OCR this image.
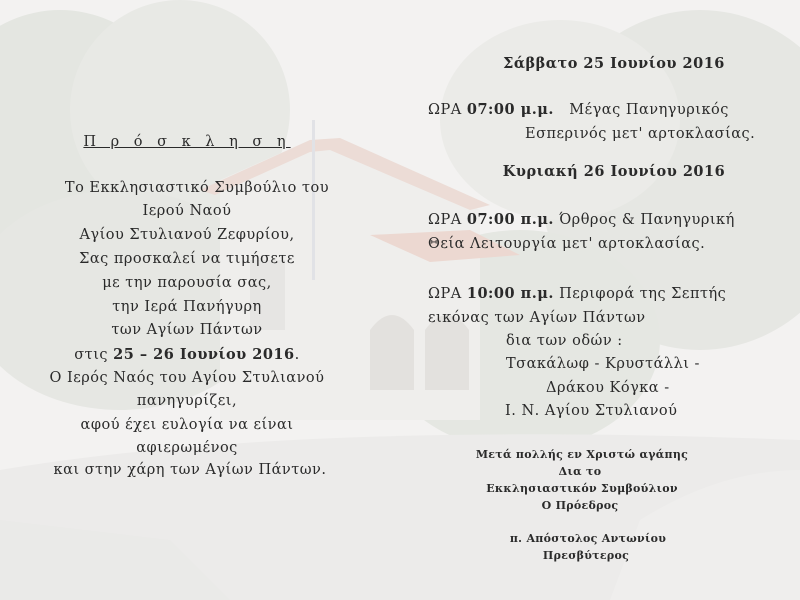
Π ρ ό σ κ λ η σ η
Το Εκκλησιαστικό Συμβούλιο του
Ιερού Ναού
Αγίου Στυλιανού Ζεφυρίου,
Σας προσκαλεί να τιμήσετε
με την παρουσία σας,
την Ιερά Πανήγυρη
των Αγίων Πάντων
στις 25 – 26 Ιουνίου 2016.
Ο Ιερός Ναός του Αγίου Στυλιανού
πανηγυρίζει,
αφού έχει ευλογία να είναι
αφιερωμένος
και στην χάρη των Αγίων Πάντων.
Σάββατο 25 Ιουνίου 2016
ΩΡΑ 07:00 μ.μ. Μέγας Πανηγυρικός
Εσπερινός μετ' αρτοκλασίας.
Κυριακή 26 Ιουνίου 2016
ΩΡΑ 07:00 π.μ. Όρθρος & Πανηγυρική
Θεία Λειτουργία μετ' αρτοκλασίας.
ΩΡΑ 10:00 π.μ. Περιφορά της Σεπτής
εικόνας των Αγίων Πάντων
δια των οδών :
Τσακάλωφ - Κρυστάλλι -
Δράκου Κόγκα -
Ι. Ν. Αγίου Στυλιανού
Μετά πολλής εν Χριστώ αγάπης
Δια το
Εκκλησιαστικόν Συμβούλιον
Ο Πρόεδρος
π. Απόστολος Αντωνίου
Πρεσβύτερος
